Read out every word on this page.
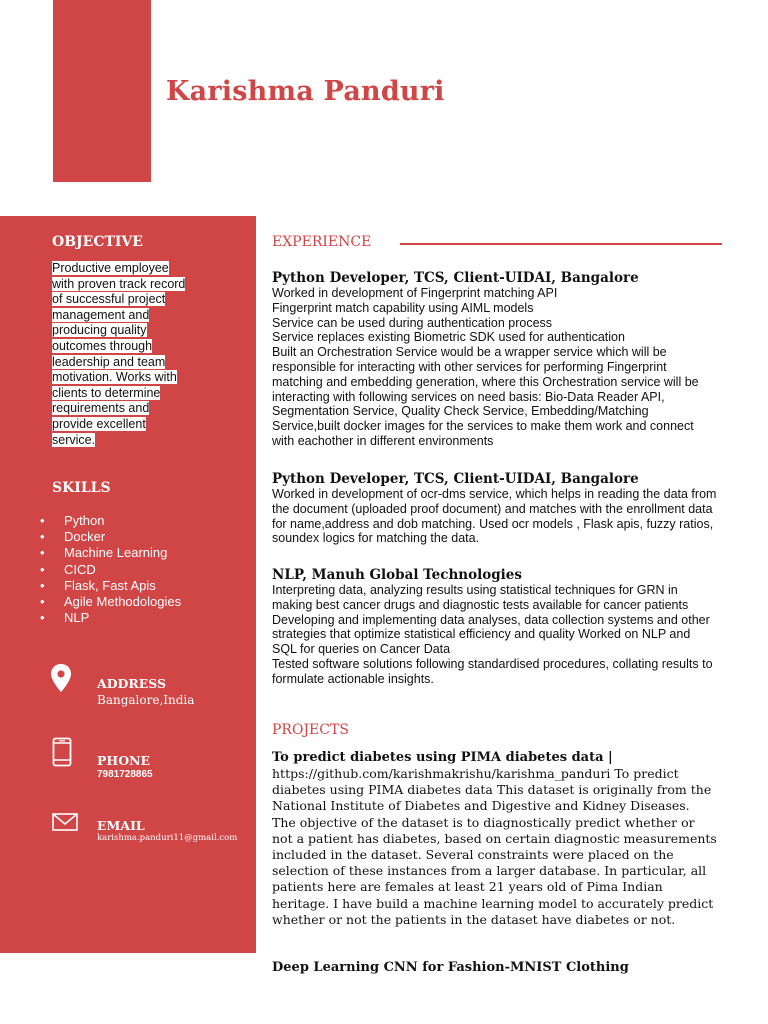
Karishma Panduri
OBJECTIVE

Productive employee with proven track record of successful project management and producing quality outcomes through leadership and team motivation. Works with clients to determine requirements and provide excellent service.

SKILLS
• Python
• Docker
• Machine Learning
• CICD
• Flask, Fast Apis
• Agile Methodologies
• NLP
ADDRESS

Bangalore,India

PHONE

7981728865

EMAIL

karishma.panduri11@gmail.com

EXPERIENCE
Python Developer, TCS, Client-UIDAI, Bangalore

Worked in development of Fingerprint matching API

Fingerprint match capability using AIML models

Service can be used during authentication process

Service replaces existing Biometric SDK used for authentication

Built an Orchestration Service would be a wrapper service which will be responsible for interacting with other services for performing Fingerprint matching and embedding generation, where this Orchestration service will be interacting with following services on need basis: Bio-Data Reader API, Segmentation Service, Quality Check Service, Embedding/Matching Service,built docker images for the services to make them work and connect with eachother in different environments

Python Developer, TCS, Client-UIDAI, Bangalore

Worked in development of ocr-dms service, which helps in reading the data from the document (uploaded proof document) and matches with the enrollment data for name,address and dob matching. Used ocr models , Flask apis, fuzzy ratios, soundex logics for matching the data.

NLP, Manuh Global Technologies

Interpreting data, analyzing results using statistical techniques for GRN in making best cancer drugs and diagnostic tests available for cancer patients

Developing and implementing data analyses, data collection systems and other strategies that optimize statistical efficiency and quality Worked on NLP and SQL for queries on Cancer Data

Tested software solutions following standardised procedures, collating results to formulate actionable insights.

PROJECTS
To predict diabetes using PIMA diabetes data |

https://github.com/karishmakrishu/karishma_panduri To predict diabetes using PIMA diabetes data This dataset is originally from the National Institute of Diabetes and Digestive and Kidney Diseases. The objective of the dataset is to diagnostically predict whether or not a patient has diabetes, based on certain diagnostic measurements included in the dataset. Several constraints were placed on the selection of these instances from a larger database. In particular, all patients here are females at least 21 years old of Pima Indian heritage. I have build a machine learning model to accurately predict whether or not the patients in the dataset have diabetes or not.

Deep Learning CNN for Fashion-MNIST Clothing
